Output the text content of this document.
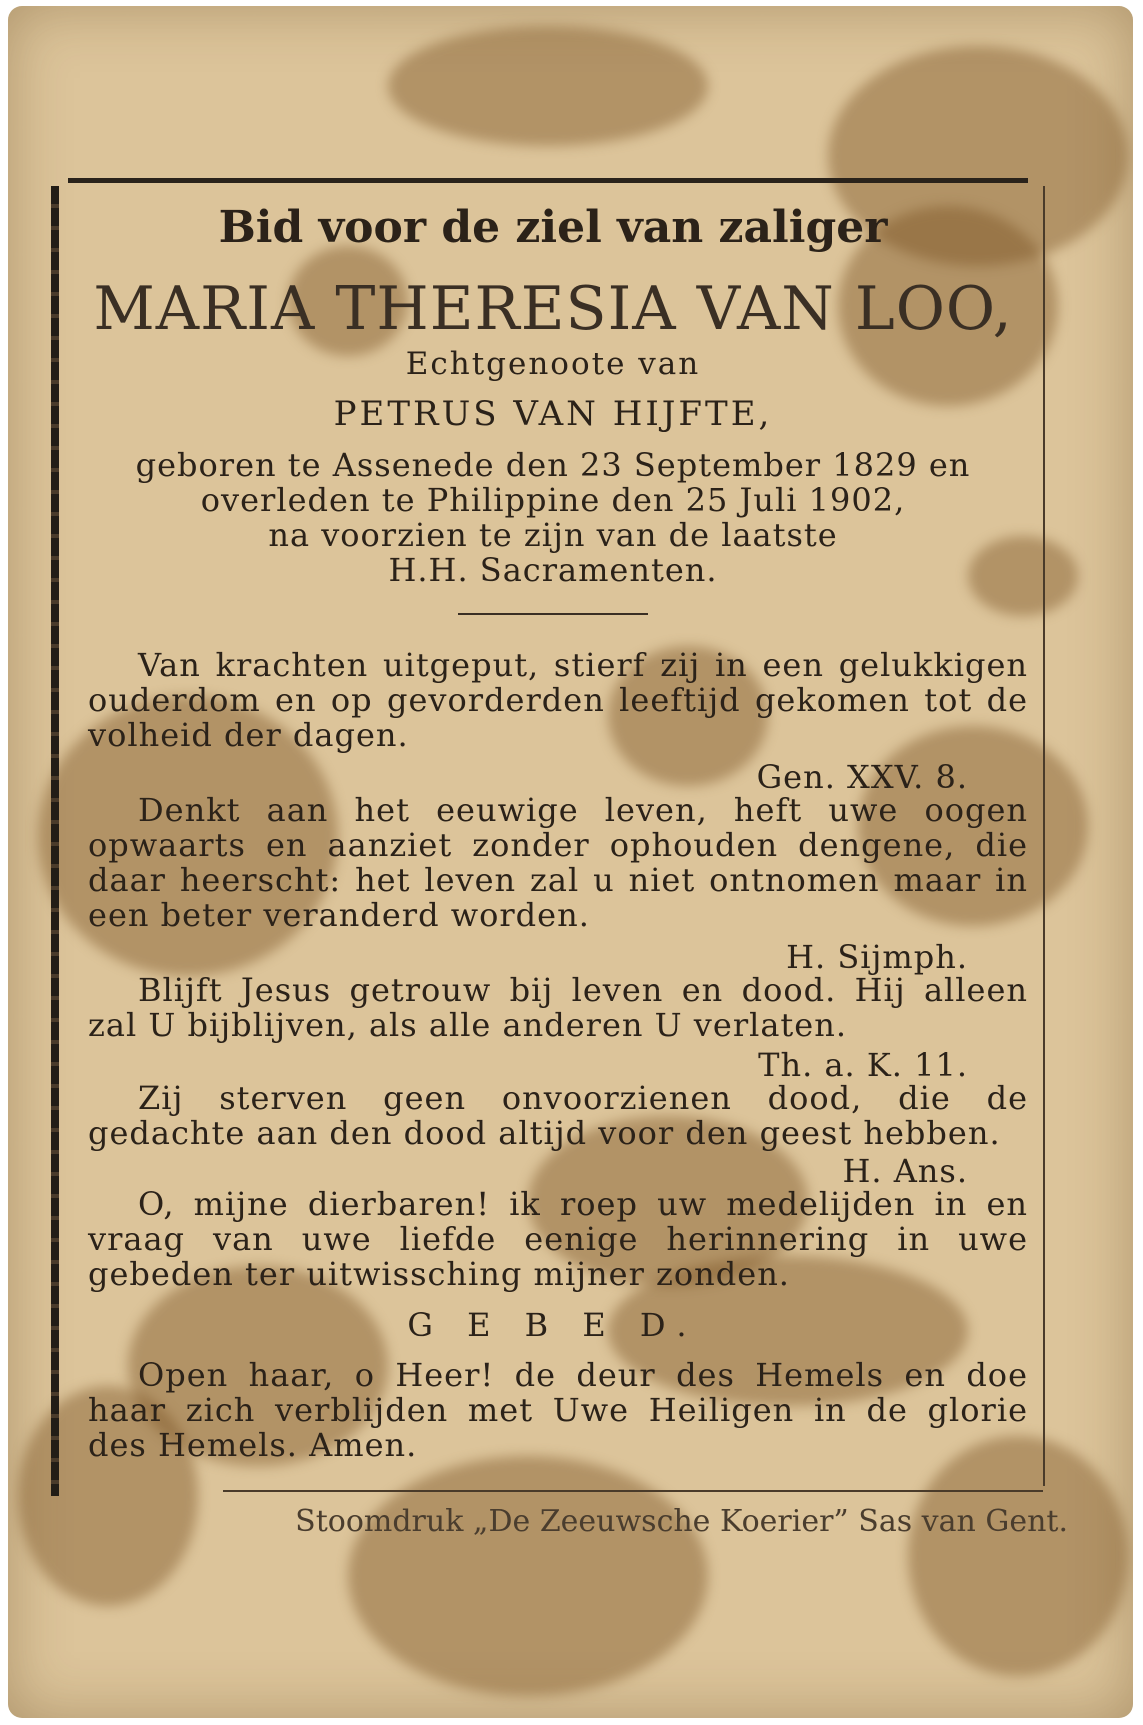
Bid voor de ziel van zaliger
MARIA THERESIA VAN LOO,
Echtgenoote van
PETRUS VAN HIJFTE,
geboren te Assenede den 23 September 1829 en
overleden te Philippine den 25 Juli 1902,
na voorzien te zijn van de laatste
H.H. Sacramenten.

Van krachten uitgeput, stierf zij in een gelukkigen ouderdom en op gevorderden leeftijd gekomen tot de volheid der dagen.

Gen. XXV. 8.

Denkt aan het eeuwige leven, heft uwe oogen opwaarts en aanziet zonder ophouden dengene, die daar heerscht: het leven zal u niet ontnomen maar in een beter veranderd worden.

H. Sijmph.

Blijft Jesus getrouw bij leven en dood. Hij alleen zal U bijblijven, als alle anderen U verlaten.

Th. a. K. 11.

Zij sterven geen onvoorzienen dood, die de gedachte aan den dood altijd voor den geest hebben.

H. Ans.

O, mijne dierbaren! ik roep uw medelijden in en vraag van uwe liefde eenige herinnering in uwe gebeden ter uitwissching mijner zonden.

G E B E D.

Open haar, o Heer! de deur des Hemels en doe haar zich verblijden met Uwe Heiligen in de glorie des Hemels. Amen.

Stoomdruk „De Zeeuwsche Koerier” Sas van Gent.
